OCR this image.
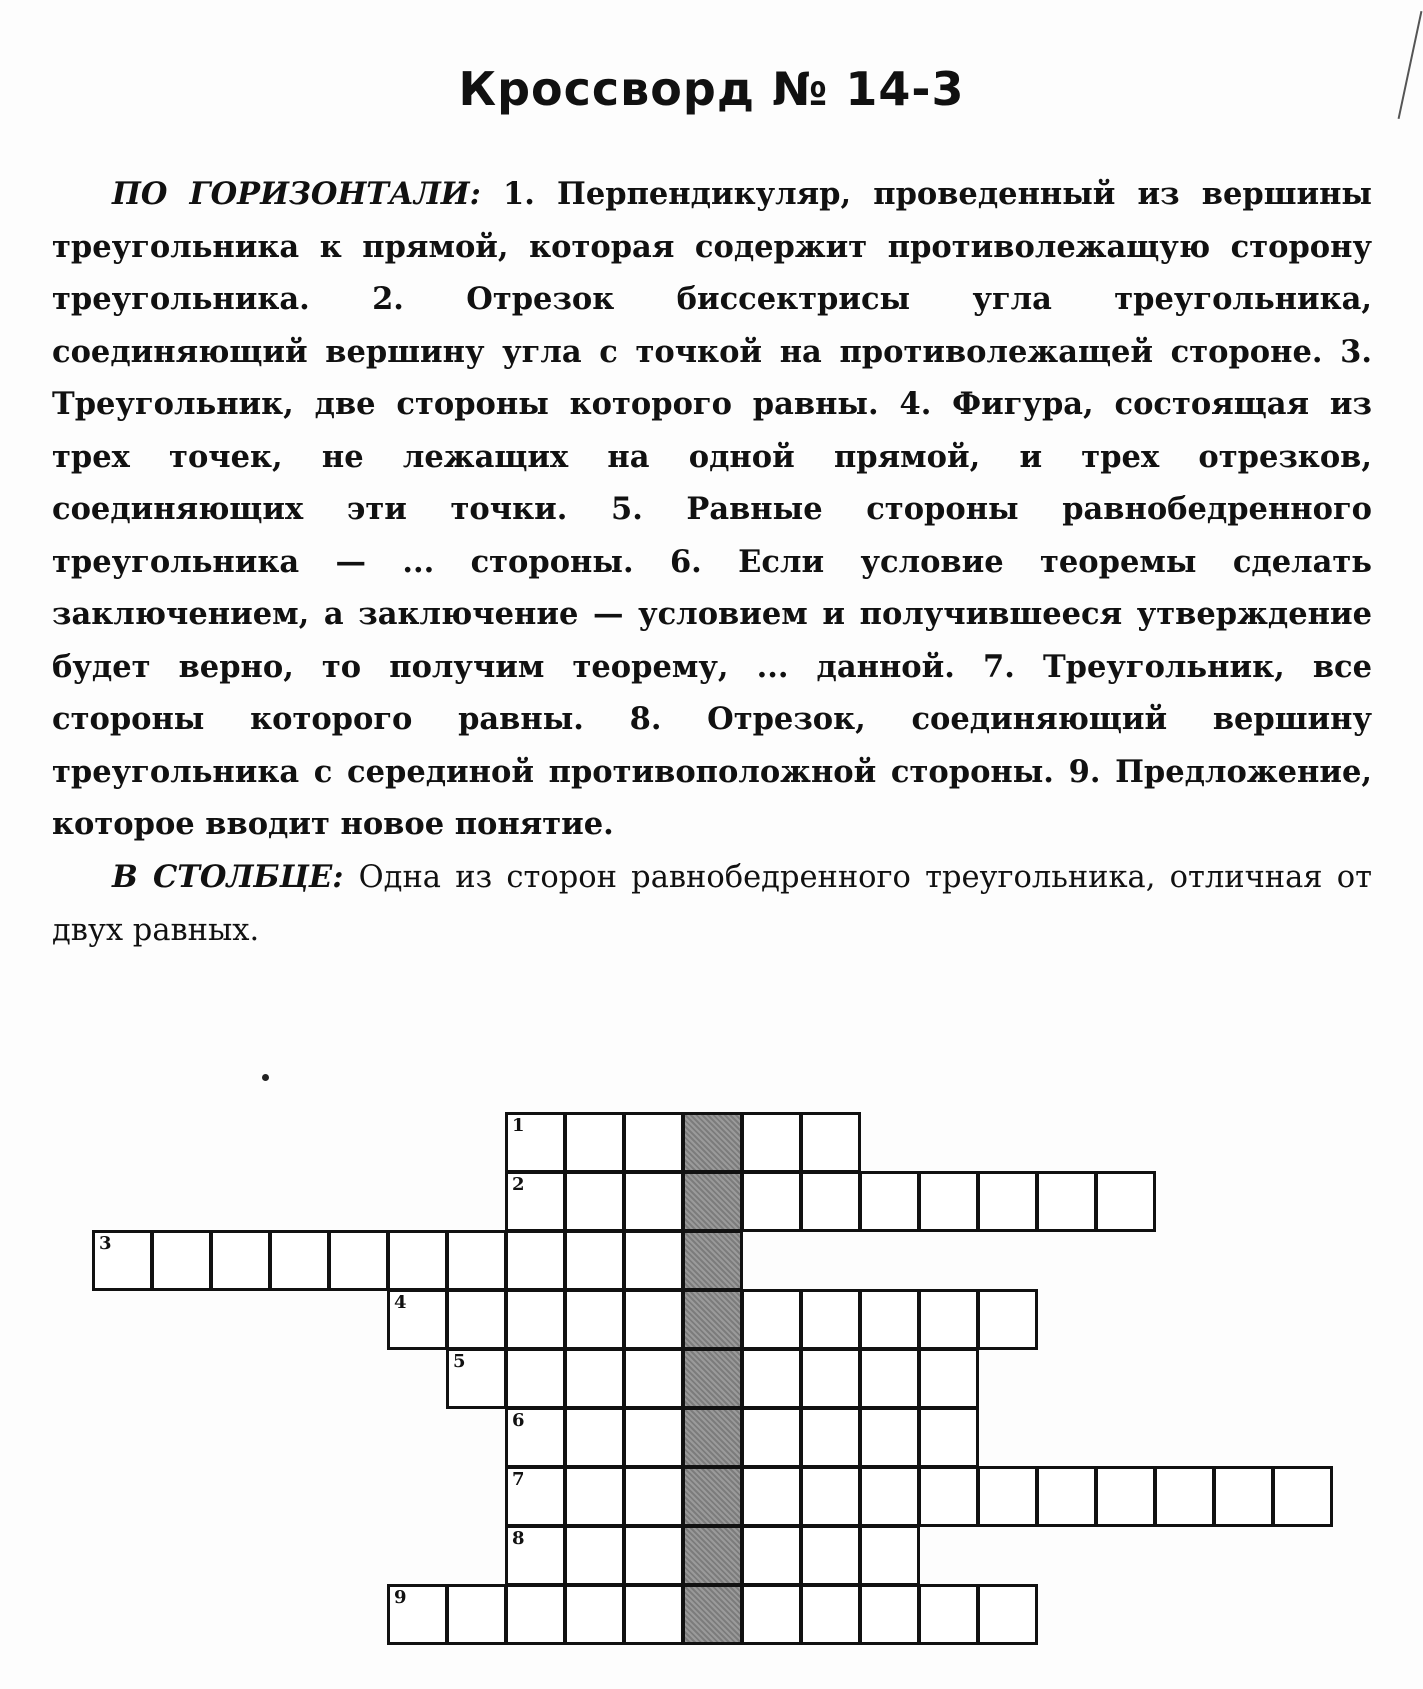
Кроссворд № 14-3

ПО ГОРИЗОНТАЛИ: 1. Перпендикуляр, проведенный из вершины треугольника к прямой, которая содержит противолежащую сторону треугольника. 2. Отрезок биссектрисы угла треугольника, соединяющий вершину угла с точкой на противолежащей стороне. 3. Треугольник, две стороны которого равны. 4. Фигура, состоящая из трех точек, не лежащих на одной прямой, и трех отрезков, соединяющих эти точки. 5. Равные стороны равнобедренного треугольника — ... стороны. 6. Если условие теоремы сделать заключением, а заключение — условием и получившееся утверждение будет верно, то получим теорему, ... данной. 7. Треугольник, все стороны которого равны. 8. Отрезок, соединяющий вершину треугольника с серединой противоположной стороны. 9. Предложение, которое вводит новое понятие.

В СТОЛБЦЕ: Одна из сторон равнобедренного треугольника, отличная от двух равных.

1
2
3
4
5
6
7
8
9
